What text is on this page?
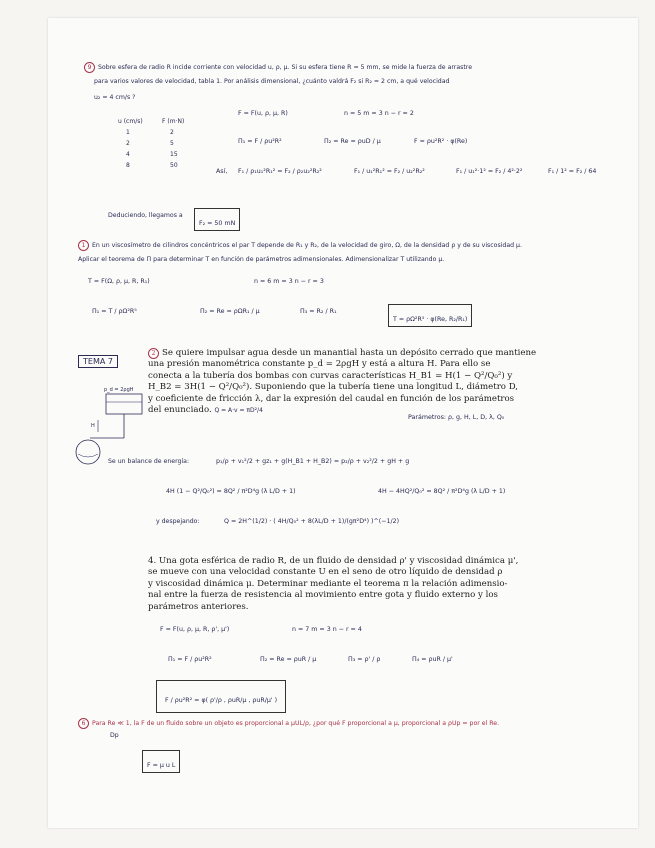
9 Sobre esfera de radio R incide corriente con velocidad u, ρ, μ. Si su esfera tiene R = 5 mm, se mide la fuerza de arrastre
para varios valores de velocidad, tabla 1. Por análisis dimensional, ¿cuánto valdrá F₂ si R₂ = 2 cm, a qué velocidad
u₂ = 4 cm/s ?
u (cm/s)	F (m·N)
1	2
2	5
4	15
8	50
F = F(u, ρ, μ, R)	n = 5 m = 3 n − r = 2
Π₁ = F / ρu²R²	Π₂ = Re = ρuD / μ	F = ρu²R² · φ(Re)
Así, F₁ / ρ₁u₁²R₁² = F₂ / ρ₂u₂²R₂²	F₁ / u₁²R₁² = F₂ / u₂²R₂²	F₁ / u₁²·1² = F₂ / 4²·2²	F₁ / 1² = F₂ / 64
Deduciendo, llegamos a
F₂ = 50 mN
1 En un viscosímetro de cilindros concéntricos el par T depende de R₁ y R₂, de la velocidad de giro, Ω, de la densidad ρ y de su viscosidad μ.
Aplicar el teorema de Π para determinar T en función de parámetros adimensionales. Adimensionalizar T utilizando μ.
T = F(Ω, ρ, μ, R, R₁)	n = 6 m = 3 n − r = 3
Π₁ = T / ρΩ²R⁵	Π₂ = Re = ρΩR₁ / μ	Π₃ = R₂ / R₁
T = ρΩ²R⁵ · φ(Re, R₂/R₁)
TEMA 7
2 Se quiere impulsar agua desde un manantial hasta un depósito cerrado que mantiene
una presión manométrica constante p_d = 2ρgH y está a altura H. Para ello se
conecta a la tubería dos bombas con curvas características H_B1 = H(1 − Q²/Q₀²) y
H_B2 = 3H(1 − Q²/Q₀²). Suponiendo que la tubería tiene una longitud L, diámetro D,
y coeficiente de fricción λ, dar la expresión del caudal en función de los parámetros
del enunciado. Q = A·v = πD²/4
Parámetros: ρ, g, H, L, D, λ, Q₀
p_d = 2ρgH
H
Se un balance de energía:	p₁/ρ + v₁²/2 + gz₁ + g(H_B1 + H_B2) = p₂/ρ + v₂²/2 + gH + g
4H (1 − Q²/Q₀²) = 8Q² / π²D⁴g (λ L/D + 1)	4H − 4HQ²/Q₀² = 8Q² / π²D⁴g (λ L/D + 1)
y despejando:	Q = 2H^(1/2) · ( 4H/Q₀² + 8(λL/D + 1)/(gπ²D⁴) )^(−1/2)
4. Una gota esférica de radio R, de un fluido de densidad ρ' y viscosidad dinámica μ',
se mueve con una velocidad constante U en el seno de otro líquido de densidad ρ
y viscosidad dinámica μ. Determinar mediante el teorema π la relación adimensio-
nal entre la fuerza de resistencia al movimiento entre gota y fluido externo y los
parámetros anteriores.
F = F(u, ρ, μ, R, ρ', μ')	n = 7 m = 3 n − r = 4
Π₁ = F / ρu²R²	Π₂ = Re = ρuR / μ	Π₃ = ρ' / ρ	Π₄ = ρuR / μ'
F / ρu²R² = φ( ρ'/ρ , ρuR/μ , ρuR/μ' )
6 Para Re ≪ 1, la F de un fluido sobre un objeto es proporcional a μUL/ρ, ¿por qué F proporcional a μ, proporcional a ρUp = por el Re.
Dp
F = μ u L
